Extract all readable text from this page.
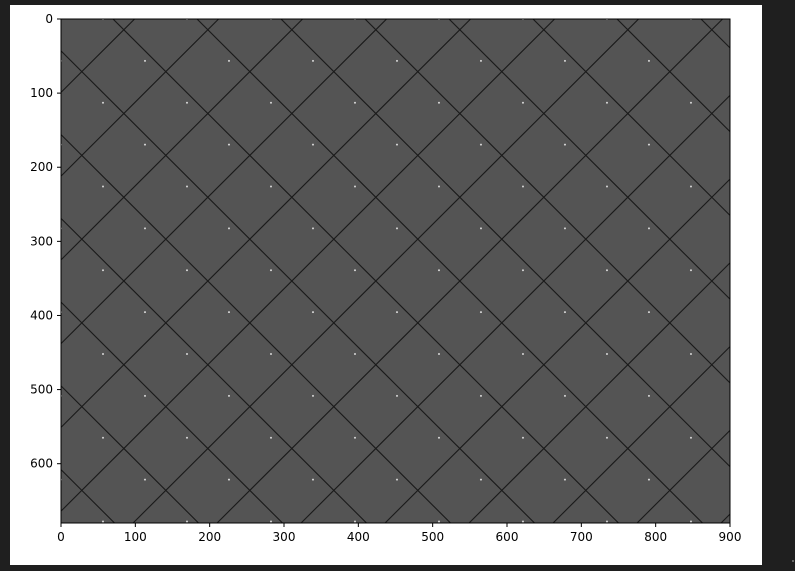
0	100	200	300	400	500	600	700	800	900
0
100
200
300
400
500
600
